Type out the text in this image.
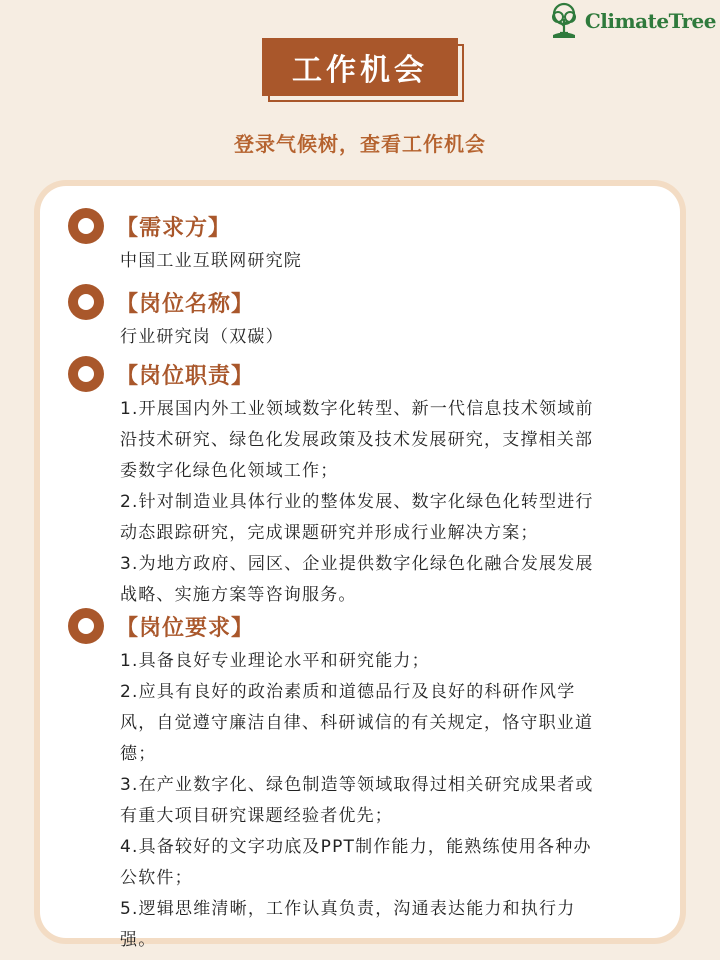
ClimateTree
工作机会
登录气候树，查看工作机会
【需求方】
中国工业互联网研究院
【岗位名称】
行业研究岗（双碳）
【岗位职责】
1.开展国内外工业领域数字化转型、新一代信息技术领域前
沿技术研究、绿色化发展政策及技术发展研究，支撑相关部
委数字化绿色化领域工作；
2.针对制造业具体行业的整体发展、数字化绿色化转型进行
动态跟踪研究，完成课题研究并形成行业解决方案；
3.为地方政府、园区、企业提供数字化绿色化融合发展发展
战略、实施方案等咨询服务。
【岗位要求】
1.具备良好专业理论水平和研究能力；
2.应具有良好的政治素质和道德品行及良好的科研作风学
风，自觉遵守廉洁自律、科研诚信的有关规定，恪守职业道
德；
3.在产业数字化、绿色制造等领域取得过相关研究成果者或
有重大项目研究课题经验者优先；
4.具备较好的文字功底及PPT制作能力，能熟练使用各种办
公软件；
5.逻辑思维清晰，工作认真负责，沟通表达能力和执行力
强。
